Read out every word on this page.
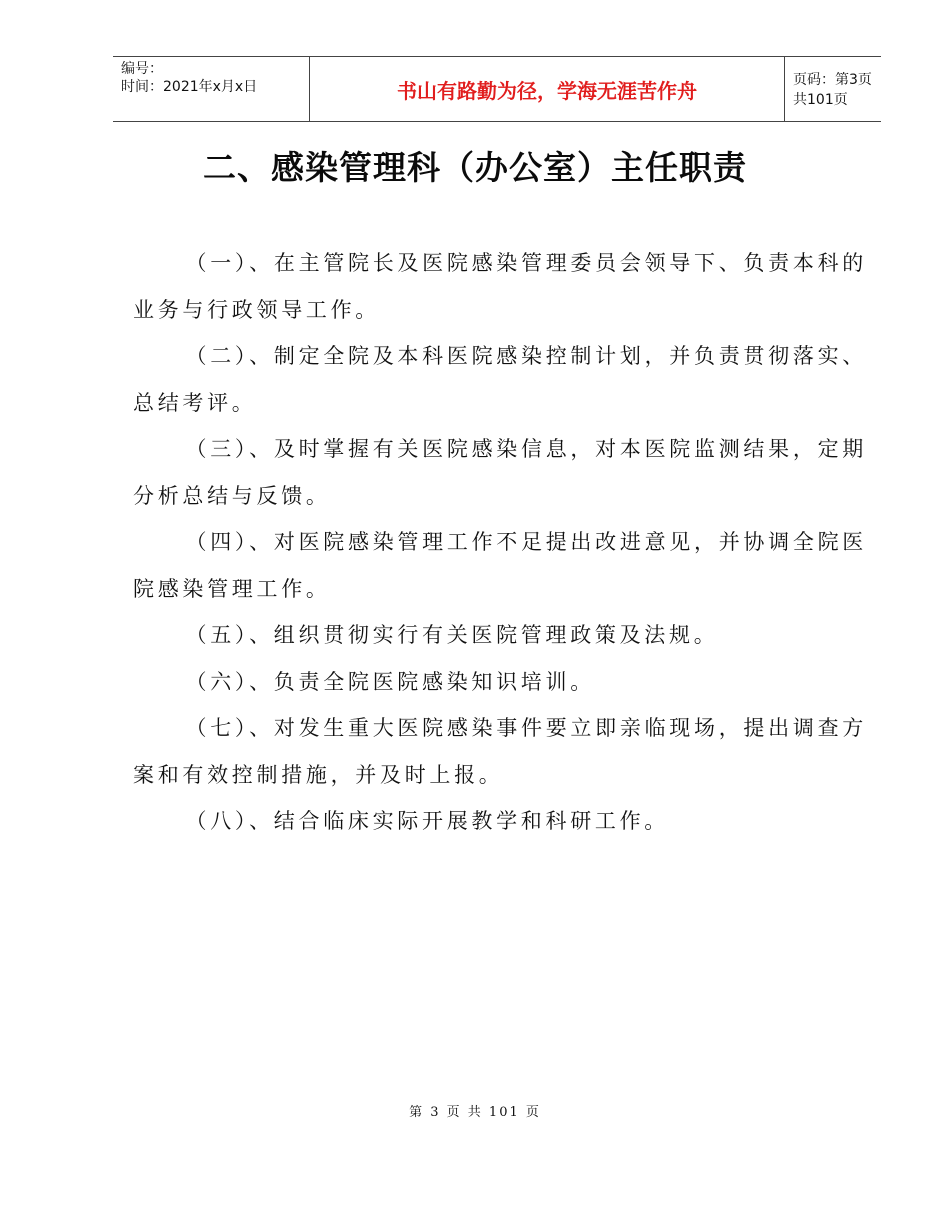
编号：
时间：2021年x月x日	书山有路勤为径，学海无涯苦作舟	页码：第3页 共101页
二、感染管理科（办公室）主任职责

（一）、在主管院长及医院感染管理委员会领导下、负责本科的业务与行政领导工作。

（二）、制定全院及本科医院感染控制计划，并负责贯彻落实、总结考评。

（三）、及时掌握有关医院感染信息，对本医院监测结果，定期分析总结与反馈。

（四）、对医院感染管理工作不足提出改进意见，并协调全院医院感染管理工作。

（五）、组织贯彻实行有关医院管理政策及法规。

（六）、负责全院医院感染知识培训。

（七）、对发生重大医院感染事件要立即亲临现场，提出调查方案和有效控制措施，并及时上报。

（八）、结合临床实际开展教学和科研工作。

第 3 页 共 101 页
